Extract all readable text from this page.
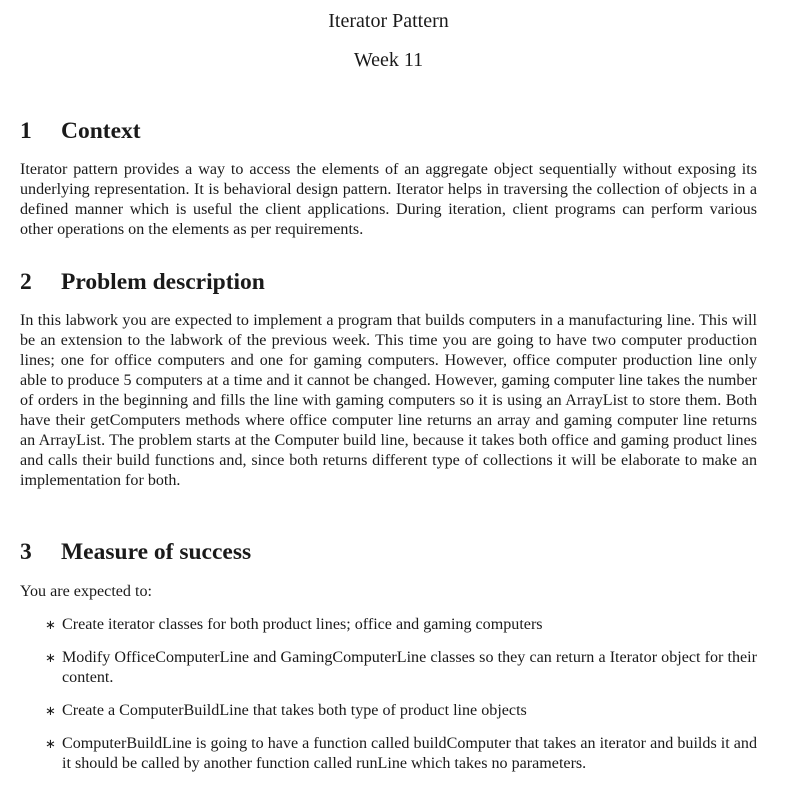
Iterator Pattern
Week 11
1 Context
Iterator pattern provides a way to access the elements of an aggregate object sequentially without exposing its underlying representation. It is behavioral design pattern. Iterator helps in traversing the collection of objects in a defined manner which is useful the client applications. During iteration, client programs can perform various other operations on the elements as per requirements.
2 Problem description
In this labwork you are expected to implement a program that builds computers in a manufacturing line. This will be an extension to the labwork of the previous week. This time you are going to have two computer production lines; one for office computers and one for gaming computers. However, office computer production line only able to produce 5 computers at a time and it cannot be changed. However, gaming computer line takes the number of orders in the beginning and fills the line with gaming computers so it is using an ArrayList to store them. Both have their getComputers methods where office computer line returns an array and gaming computer line returns an ArrayList. The problem starts at the Computer build line, because it takes both office and gaming product lines and calls their build functions and, since both returns different type of collections it will be elaborate to make an implementation for both.
3 Measure of success
You are expected to:
∗ Create iterator classes for both product lines; office and gaming computers
∗ Modify OfficeComputerLine and GamingComputerLine classes so they can return a Iterator object for their content.
∗ Create a ComputerBuildLine that takes both type of product line objects
∗ ComputerBuildLine is going to have a function called buildComputer that takes an iterator and builds it and it should be called by another function called runLine which takes no parameters.
